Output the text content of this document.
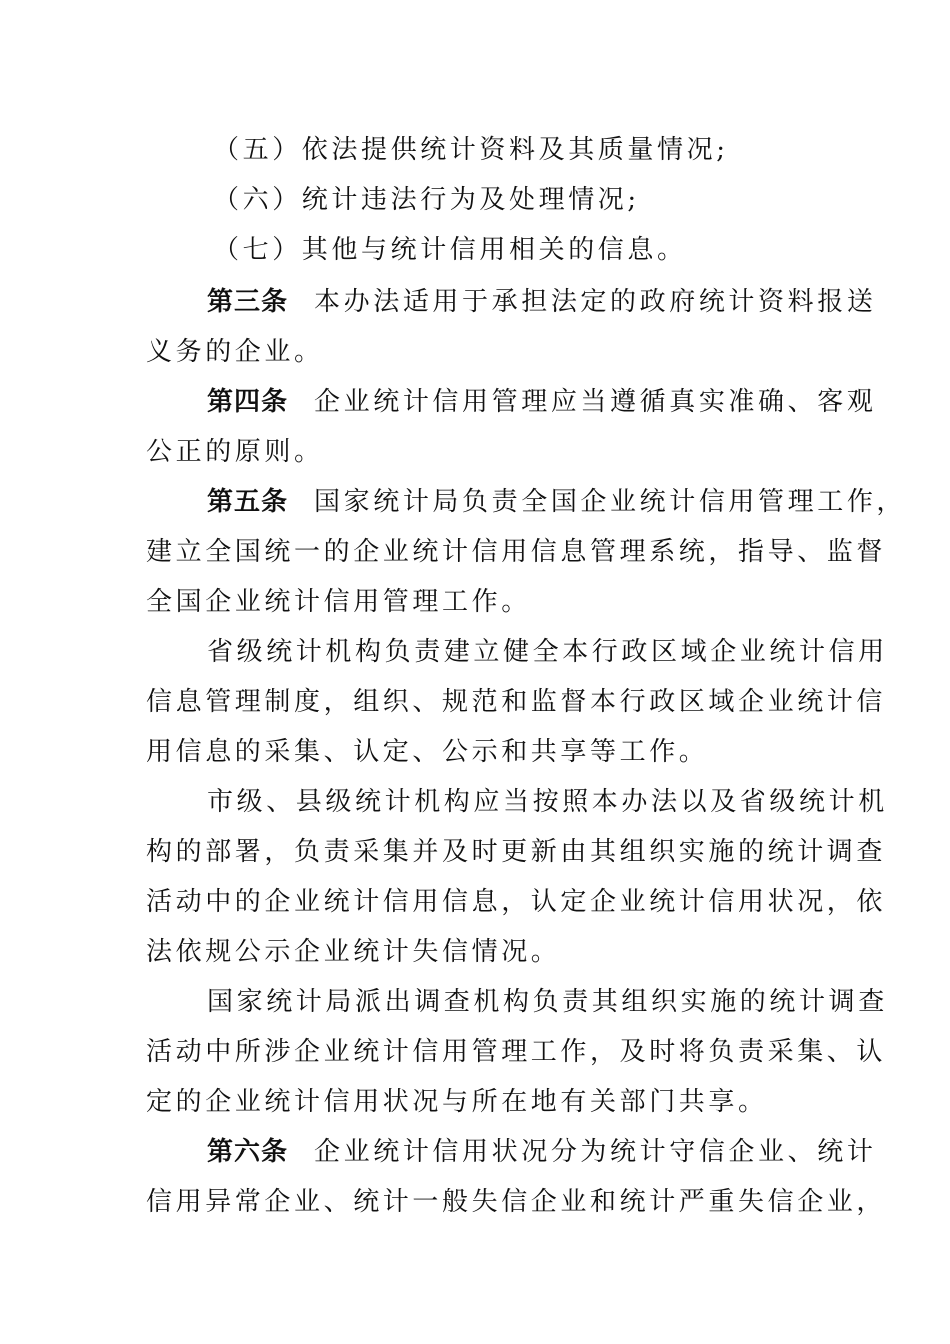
（五）依法提供统计资料及其质量情况;
（六）统计违法行为及处理情况;
（七）其他与统计信用相关的信息。
第三条 本办法适用于承担法定的政府统计资料报送
义务的企业。
第四条 企业统计信用管理应当遵循真实准确、客观
公正的原则。
第五条 国家统计局负责全国企业统计信用管理工作，
建立全国统一的企业统计信用信息管理系统，指导、监督
全国企业统计信用管理工作。
省级统计机构负责建立健全本行政区域企业统计信用
信息管理制度，组织、规范和监督本行政区域企业统计信
用信息的采集、认定、公示和共享等工作。
市级、县级统计机构应当按照本办法以及省级统计机
构的部署，负责采集并及时更新由其组织实施的统计调查
活动中的企业统计信用信息，认定企业统计信用状况，依
法依规公示企业统计失信情况。
国家统计局派出调查机构负责其组织实施的统计调查
活动中所涉企业统计信用管理工作，及时将负责采集、认
定的企业统计信用状况与所在地有关部门共享。
第六条 企业统计信用状况分为统计守信企业、统计
信用异常企业、统计一般失信企业和统计严重失信企业，
